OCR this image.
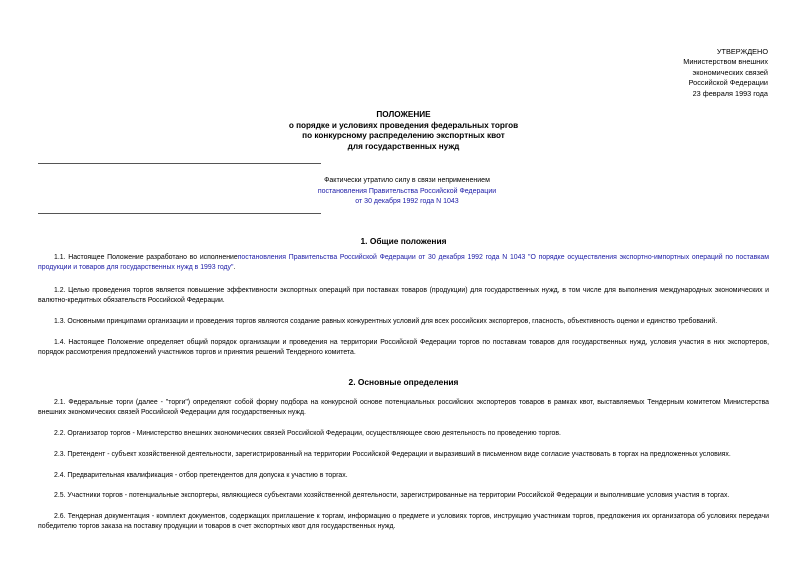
УТВЕРЖДЕНО
Министерством внешних
экономических связей
Российской Федерации
23 февраля 1993 года
ПОЛОЖЕНИЕ
о порядке и условиях проведения федеральных торгов
по конкурсному распределению экспортных квот
для государственных нужд
Фактически утратило силу в связи неприменением
постановления Правительства Российской Федерации
от 30 декабря 1992 года N 1043
1. Общие положения
1.1. Настоящее Положение разработано во исполнениепостановления Правительства Российской Федерации от 30 декабря 1992 года N 1043 "О порядке осуществления экспортно-импортных операций по поставкам продукции и товаров для государственных нужд в 1993 году".
1.2. Целью проведения торгов является повышение эффективности экспортных операций при поставках товаров (продукции) для государственных нужд, в том числе для выполнения международных экономических и валютно-кредитных обязательств Российской Федерации.
1.3. Основными принципами организации и проведения торгов являются создание равных конкурентных условий для всех российских экспортеров, гласность, объективность оценки и единство требований.
1.4. Настоящее Положение определяет общий порядок организации и проведения на территории Российской Федерации торгов по поставкам товаров для государственных нужд, условия участия в них экспортеров, порядок рассмотрения предложений участников торгов и принятия решений Тендерного комитета.
2. Основные определения
2.1. Федеральные торги (далее - "торги") определяют собой форму подбора на конкурсной основе потенциальных российских экспортеров товаров в рамках квот, выставляемых Тендерным комитетом Министерства внешних экономических связей Российской Федерации для государственных нужд.
2.2. Организатор торгов - Министерство внешних экономических связей Российской Федерации, осуществляющее свою деятельность по проведению торгов.
2.3. Претендент - субъект хозяйственной деятельности, зарегистрированный на территории Российской Федерации и выразивший в письменном виде согласие участвовать в торгах на предложенных условиях.
2.4. Предварительная квалификация - отбор претендентов для допуска к участию в торгах.
2.5. Участники торгов - потенциальные экспортеры, являющиеся субъектами хозяйственной деятельности, зарегистрированные на территории Российской Федерации и выполнившие условия участия в торгах.
2.6. Тендерная документация - комплект документов, содержащих приглашение к торгам, информацию о предмете и условиях торгов, инструкцию участникам торгов, предложения их организатора об условиях передачи победителю торгов заказа на поставку продукции и товаров в счет экспортных квот для государственных нужд.
